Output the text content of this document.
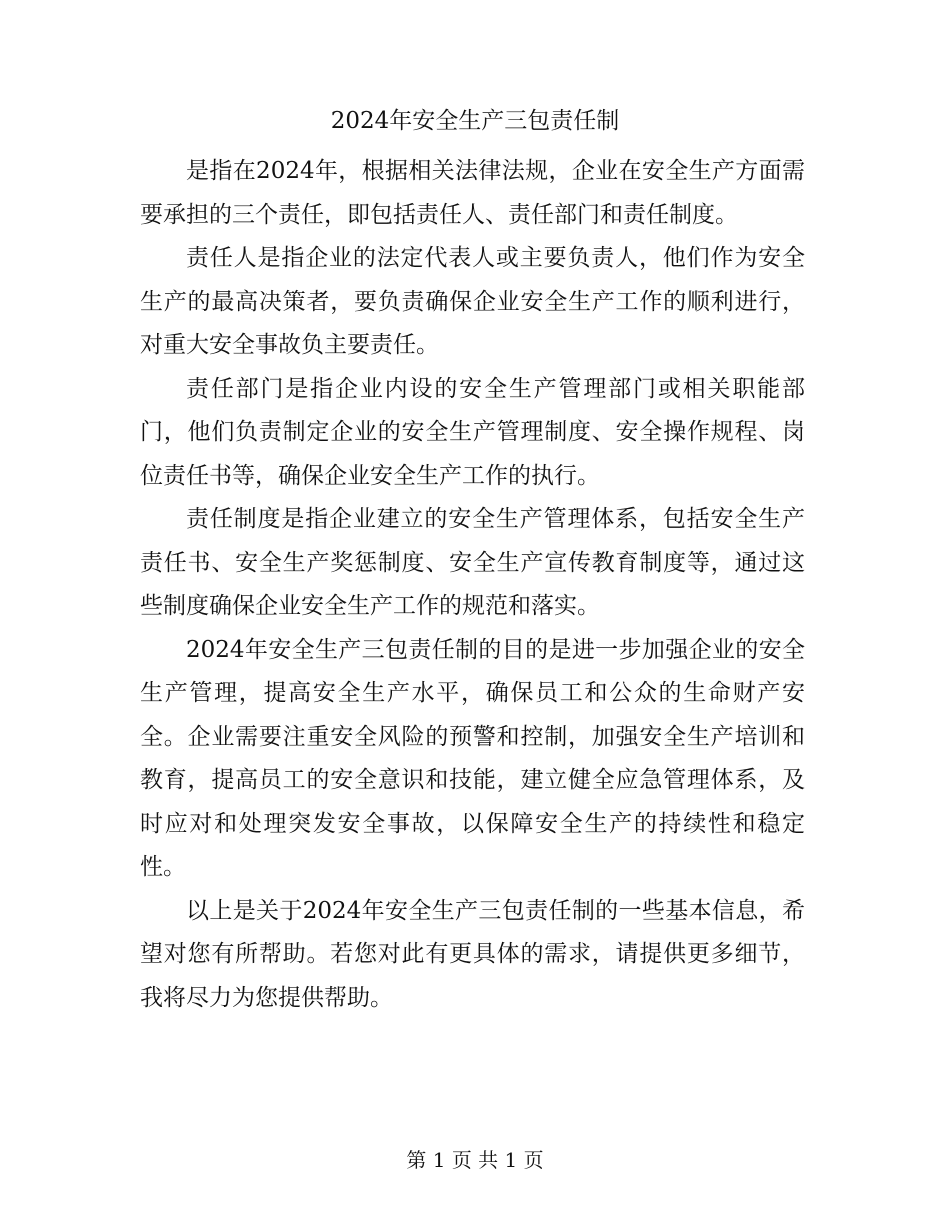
2024年安全生产三包责任制

是指在2024年，根据相关法律法规，企业在安全生产方面需要承担的三个责任，即包括责任人、责任部门和责任制度。

责任人是指企业的法定代表人或主要负责人，他们作为安全生产的最高决策者，要负责确保企业安全生产工作的顺利进行，对重大安全事故负主要责任。

责任部门是指企业内设的安全生产管理部门或相关职能部门，他们负责制定企业的安全生产管理制度、安全操作规程、岗位责任书等，确保企业安全生产工作的执行。

责任制度是指企业建立的安全生产管理体系，包括安全生产责任书、安全生产奖惩制度、安全生产宣传教育制度等，通过这些制度确保企业安全生产工作的规范和落实。

2024年安全生产三包责任制的目的是进一步加强企业的安全生产管理，提高安全生产水平，确保员工和公众的生命财产安全。企业需要注重安全风险的预警和控制，加强安全生产培训和教育，提高员工的安全意识和技能，建立健全应急管理体系，及时应对和处理突发安全事故，以保障安全生产的持续性和稳定性。

以上是关于2024年安全生产三包责任制的一些基本信息，希望对您有所帮助。若您对此有更具体的需求，请提供更多细节，我将尽力为您提供帮助。

第 1 页 共 1 页
